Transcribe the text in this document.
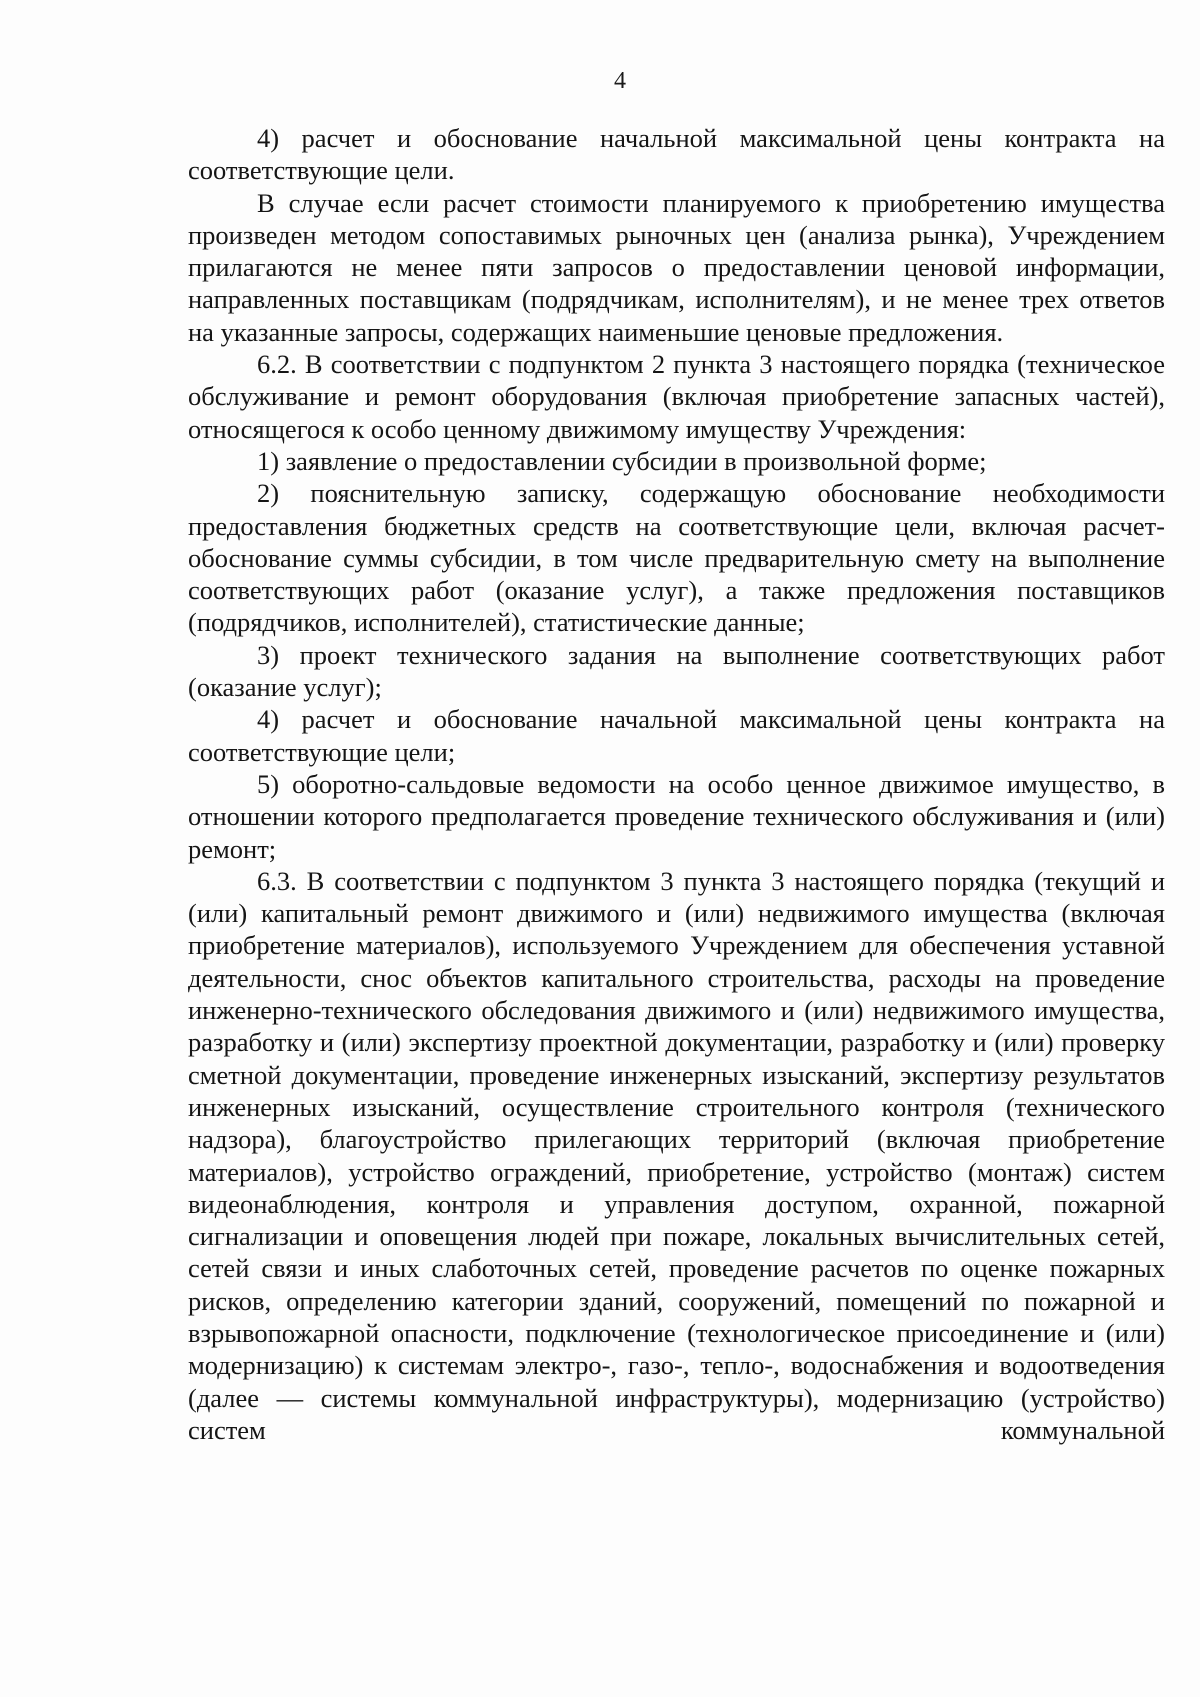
4

4) расчет и обоснование начальной максимальной цены контракта на соответствующие цели.

В случае если расчет стоимости планируемого к приобретению имущества произведен методом сопоставимых рыночных цен (анализа рынка), Учреждением прилагаются не менее пяти запросов о предоставлении ценовой информации, направленных поставщикам (подрядчикам, исполнителям), и не менее трех ответов на указанные запросы, содержащих наименьшие ценовые предложения.

6.2. В соответствии с подпунктом 2 пункта 3 настоящего порядка (техническое обслуживание и ремонт оборудования (включая приобретение запасных частей), относящегося к особо ценному движимому имуществу Учреждения:

1) заявление о предоставлении субсидии в произвольной форме;

2) пояснительную записку, содержащую обоснование необходимости предоставления бюджетных средств на соответствующие цели, включая расчет-обоснование суммы субсидии, в том числе предварительную смету на выполнение соответствующих работ (оказание услуг), а также предложения поставщиков (подрядчиков, исполнителей), статистические данные;

3) проект технического задания на выполнение соответствующих работ (оказание услуг);

4) расчет и обоснование начальной максимальной цены контракта на соответствующие цели;

5) оборотно-сальдовые ведомости на особо ценное движимое имущество, в отношении которого предполагается проведение технического обслуживания и (или) ремонт;

6.3. В соответствии с подпунктом 3 пункта 3 настоящего порядка (текущий и (или) капитальный ремонт движимого и (или) недвижимого имущества (включая приобретение материалов), используемого Учреждением для обеспечения уставной деятельности, снос объектов капитального строительства, расходы на проведение инженерно-технического обследования движимого и (или) недвижимого имущества, разработку и (или) экспертизу проектной документации, разработку и (или) проверку сметной документации, проведение инженерных изысканий, экспертизу результатов инженерных изысканий, осуществление строительного контроля (технического надзора), благоустройство прилегающих территорий (включая приобретение материалов), устройство ограждений, приобретение, устройство (монтаж) систем видеонаблюдения, контроля и управления доступом, охранной, пожарной сигнализации и оповещения людей при пожаре, локальных вычислительных сетей, сетей связи и иных слаботочных сетей, проведение расчетов по оценке пожарных рисков, определению категории зданий, сооружений, помещений по пожарной и взрывопожарной опасности, подключение (технологическое присоединение и (или) модернизацию) к системам электро-, газо-, тепло-, водоснабжения и водоотведения (далее — системы коммунальной инфраструктуры), модернизацию (устройство) систем коммунальной
